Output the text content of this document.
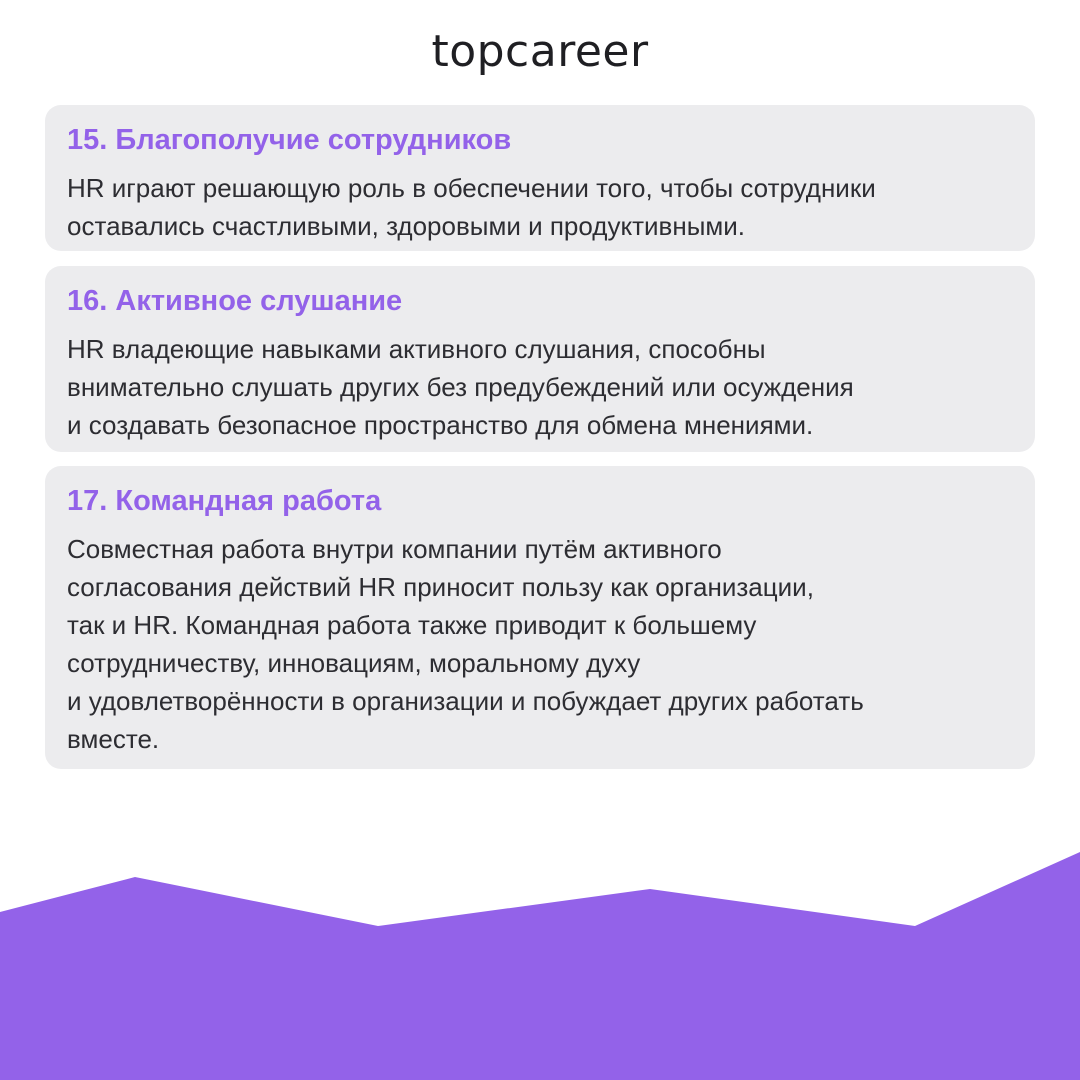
topcareer
15. Благополучие сотрудников

HR играют решающую роль в обеспечении того, чтобы сотрудники
оставались счастливыми, здоровыми и продуктивными.

16. Активное слушание

HR владеющие навыками активного слушания, способны
внимательно слушать других без предубеждений или осуждения
и создавать безопасное пространство для обмена мнениями.

17. Командная работа

Совместная работа внутри компании путём активного
согласования действий HR приносит пользу как организации,
так и HR. Командная работа также приводит к большему
сотрудничеству, инновациям, моральному духу
и удовлетворённости в организации и побуждает других работать
вместе.
